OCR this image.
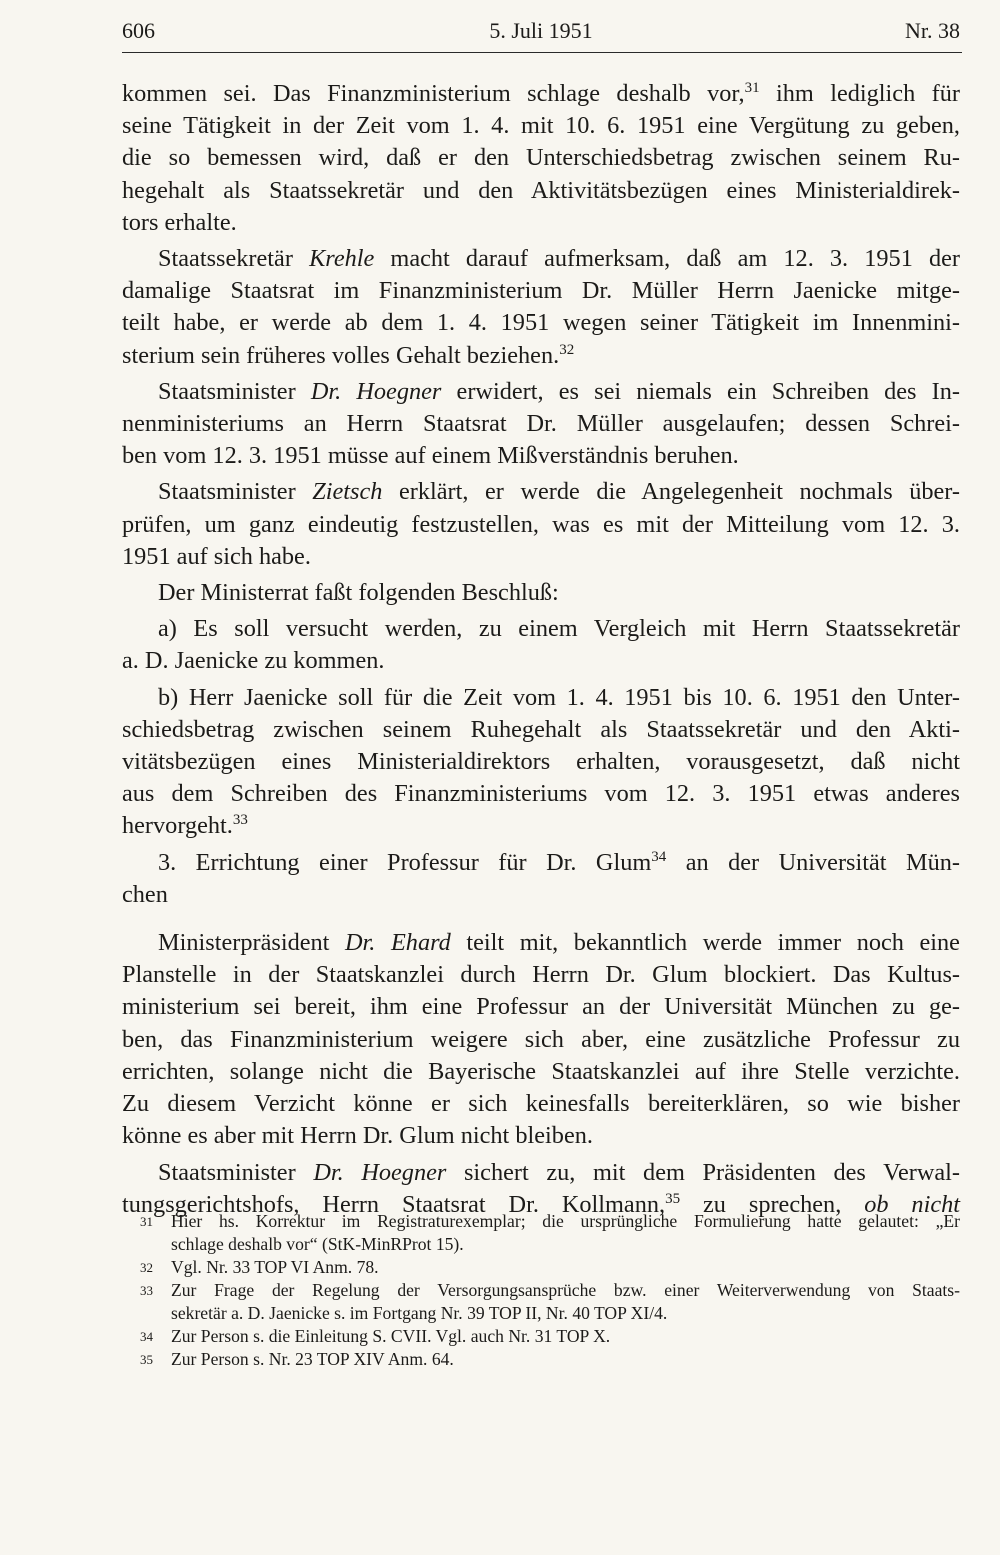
606	5. Juli 1951	Nr. 38
kommen sei. Das Finanzministerium schlage deshalb vor,$^{31}$ ihm lediglich für
seine Tätigkeit in der Zeit vom 1. 4. mit 10. 6. 1951 eine Vergütung zu geben,
die so bemessen wird, daß er den Unterschiedsbetrag zwischen seinem Ru-
hegehalt als Staatssekretär und den Aktivitätsbezügen eines Ministerialdirek-
tors erhalte.
Staatssekretär Krehle macht darauf aufmerksam, daß am 12. 3. 1951 der
damalige Staatsrat im Finanzministerium Dr. Müller Herrn Jaenicke mitge-
teilt habe, er werde ab dem 1. 4. 1951 wegen seiner Tätigkeit im Innenmini-
sterium sein früheres volles Gehalt beziehen.$^{32}$
Staatsminister Dr. Hoegner erwidert, es sei niemals ein Schreiben des In-
nenministeriums an Herrn Staatsrat Dr. Müller ausgelaufen; dessen Schrei-
ben vom 12. 3. 1951 müsse auf einem Mißverständnis beruhen.
Staatsminister Zietsch erklärt, er werde die Angelegenheit nochmals über-
prüfen, um ganz eindeutig festzustellen, was es mit der Mitteilung vom 12. 3.
1951 auf sich habe.
Der Ministerrat faßt folgenden Beschluß:
a) Es soll versucht werden, zu einem Vergleich mit Herrn Staatssekretär
a. D. Jaenicke zu kommen.
b) Herr Jaenicke soll für die Zeit vom 1. 4. 1951 bis 10. 6. 1951 den Unter-
schiedsbetrag zwischen seinem Ruhegehalt als Staatssekretär und den Akti-
vitätsbezügen eines Ministerialdirektors erhalten, vorausgesetzt, daß nicht
aus dem Schreiben des Finanzministeriums vom 12. 3. 1951 etwas anderes
hervorgeht.$^{33}$
3. Errichtung einer Professur für Dr. Glum$^{34}$ an der Universität Mün-
chen
Ministerpräsident Dr. Ehard teilt mit, bekanntlich werde immer noch eine
Planstelle in der Staatskanzlei durch Herrn Dr. Glum blockiert. Das Kultus-
ministerium sei bereit, ihm eine Professur an der Universität München zu ge-
ben, das Finanzministerium weigere sich aber, eine zusätzliche Professur zu
errichten, solange nicht die Bayerische Staatskanzlei auf ihre Stelle verzichte.
Zu diesem Verzicht könne er sich keinesfalls bereiterklären, so wie bisher
könne es aber mit Herrn Dr. Glum nicht bleiben.
Staatsminister Dr. Hoegner sichert zu, mit dem Präsidenten des Verwal-
tungsgerichtshofs, Herrn Staatsrat Dr. Kollmann,$^{35}$ zu sprechen, ob nicht

31 Hier hs. Korrektur im Registraturexemplar; die ursprüngliche Formulierung hatte gelautet: „Er
schlage deshalb vor“ (StK-MinRProt 15).

32 Vgl. Nr. 33 TOP VI Anm. 78.

33 Zur Frage der Regelung der Versorgungsansprüche bzw. einer Weiterverwendung von Staats-
sekretär a. D. Jaenicke s. im Fortgang Nr. 39 TOP II, Nr. 40 TOP XI/4.

34 Zur Person s. die Einleitung S. CVII. Vgl. auch Nr. 31 TOP X.

35 Zur Person s. Nr. 23 TOP XIV Anm. 64.
